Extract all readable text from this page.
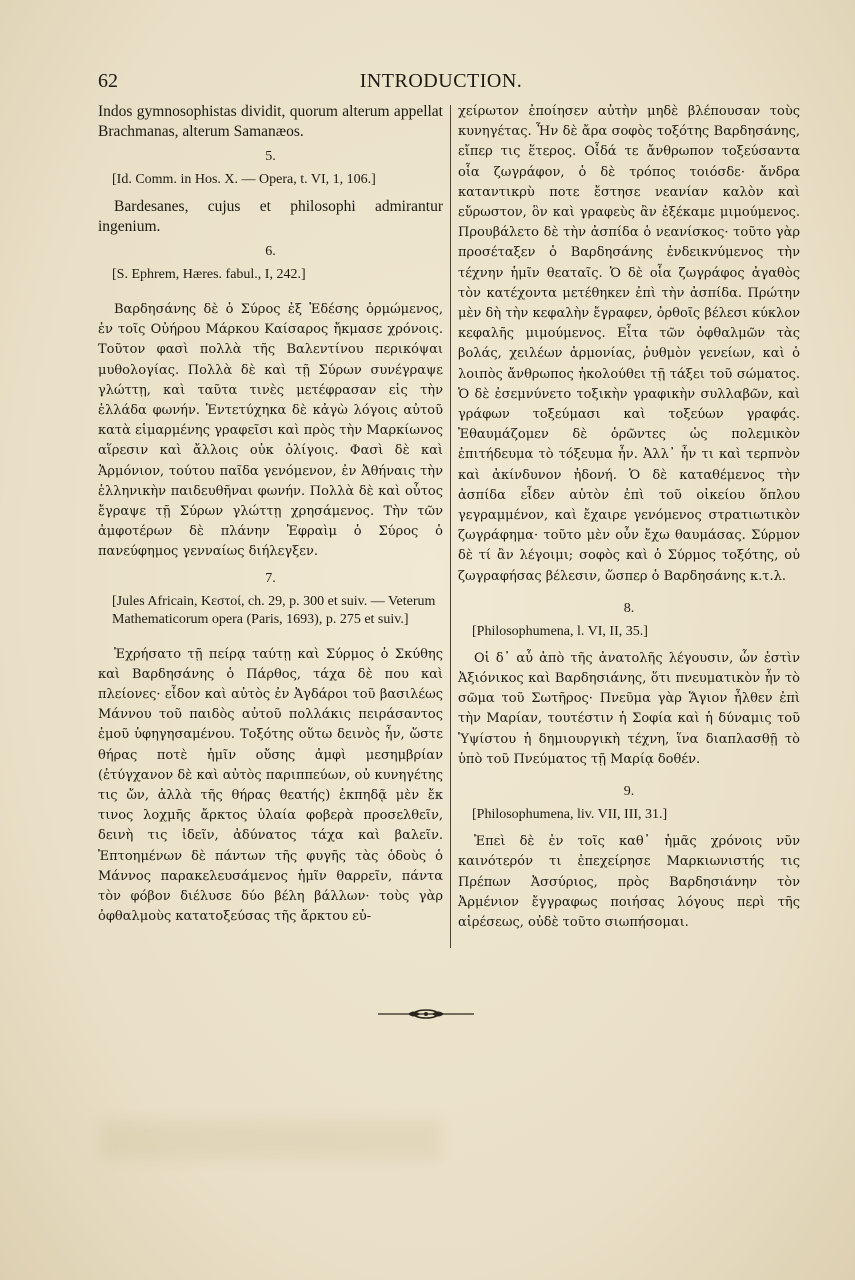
62	INTRODUCTION.

Indos gymnosophistas dividit, quorum alterum appellat Brachmanas, alterum Samanæos.

5.

[Id. Comm. in Hos. X. — Opera, t. VI, 1, 106.]

Bardesanes, cujus et philosophi admirantur ingenium.

6.

[S. Ephrem, Hæres. fabul., I, 242.]

Βαρδησάνης δὲ ὁ Σύρος ἐξ Ἐδέσης ὁρμώμενος, ἐν τοῖς Οὐήρου Μάρκου Καίσαρος ἤκμασε χρόνοις. Τοῦτον φασὶ πολλὰ τῆς Βαλεντίνου περικόψαι μυθολογίας. Πολλὰ δὲ καὶ τῇ Σύρων συνέγραψε γλώττῃ, καὶ ταῦτα τινὲς μετέφρασαν εἰς τὴν ἑλλάδα φωνήν. Ἐντετύχηκα δὲ κἀγὼ λόγοις αὐτοῦ κατὰ εἱμαρμένης γραφεῖσι καὶ πρὸς τὴν Μαρκίωνος αἵρεσιν καὶ ἄλλοις οὐκ ὀλίγοις. Φασὶ δὲ καὶ Ἁρμόνιον, τούτου παῖδα γενόμενον, ἐν Ἀθήναις τὴν ἑλληνικὴν παιδευθῆναι φωνήν. Πολλὰ δὲ καὶ οὗτος ἔγραψε τῇ Σύρων γλώττῃ χρησάμενος. Τὴν τῶν ἀμφοτέρων δὲ πλάνην Ἐφραὶμ ὁ Σύρος ὁ πανεύφημος γενναίως διήλεγξεν.

7.

[Jules Africain, Κεστοί, ch. 29, p. 300 et suiv. — Veterum Mathematicorum opera (Paris, 1693), p. 275 et suiv.]

Ἐχρήσατο τῇ πείρᾳ ταύτῃ καὶ Σύρμος ὁ Σκύθης καὶ Βαρδησάνης ὁ Πάρθος, τάχα δὲ που καὶ πλείονες· εἶδον καὶ αὐτὸς ἐν Ἀγδάροι τοῦ βασιλέως Μάννου τοῦ παιδὸς αὐτοῦ πολλάκις πειράσαντος ἐμοῦ ὑφηγησαμένου. Τοξότης οὕτω δεινὸς ἦν, ὥστε θήρας ποτὲ ἡμῖν οὔσης ἀμφὶ μεσημβρίαν (ἐτύγχανον δὲ καὶ αὐτὸς παριππεύων, οὐ κυνηγέτης τις ὤν, ἀλλὰ τῆς θήρας θεατής) ἐκπηδᾷ μὲν ἔκ τινος λοχμῆς ἄρκτος ὑλαία φοβερὰ προσελθεῖν, δεινὴ τις ἰδεῖν, ἀδύνατος τάχα καὶ βαλεῖν. Ἐπτοημένων δὲ πάντων τῆς φυγῆς τὰς ὁδοὺς ὁ Μάννος παρακελευσάμενος ἡμῖν θαρρεῖν, πάντα τὸν φόβον διέλυσε δύο βέλη βάλλων· τοὺς γὰρ ὀφθαλμοὺς κατατοξεύσας τῆς ἄρκτου εὐ-

χείρωτον ἐποίησεν αὐτὴν μηδὲ βλέπουσαν τοὺς κυνηγέτας. Ἦν δὲ ἄρα σοφὸς τοξότης Βαρδησάνης, εἴπερ τις ἕτερος. Οἶδά τε ἄνθρωπον τοξεύσαντα οἷα ζωγράφον, ὁ δὲ τρόπος τοιόσδε· ἄνδρα καταντικρὺ ποτε ἔστησε νεανίαν καλὸν καὶ εὔρωστον, ὃν καὶ γραφεὺς ἂν ἐξέκαμε μιμούμενος. Προυβάλετο δὲ τὴν ἀσπίδα ὁ νεανίσκος· τοῦτο γὰρ προσέταξεν ὁ Βαρδησάνης ἐνδεικνύμενος τὴν τέχνην ἡμῖν θεαταῖς. Ὁ δὲ οἷα ζωγράφος ἀγαθὸς τὸν κατέχοντα μετέθηκεν ἐπὶ τὴν ἀσπίδα. Πρώτην μὲν δὴ τὴν κεφαλὴν ἔγραφεν, ὀρθοῖς βέλεσι κύκλον κεφαλῆς μιμούμενος. Εἶτα τῶν ὀφθαλμῶν τὰς βολάς, χειλέων ἁρμονίας, ῥυθμὸν γενείων, καὶ ὁ λοιπὸς ἄνθρωπος ἠκολούθει τῇ τάξει τοῦ σώματος. Ὁ δὲ ἐσεμνύνετο τοξικὴν γραφικὴν συλλαβῶν, καὶ γράφων τοξεύμασι καὶ τοξεύων γραφάς. Ἐθαυμάζομεν δὲ ὁρῶντες ὡς πολεμικὸν ἐπιτήδευμα τὸ τόξευμα ἦν. Ἀλλ᾽ ἦν τι καὶ τερπνὸν καὶ ἀκίνδυνον ἡδονή. Ὁ δὲ καταθέμενος τὴν ἀσπίδα εἶδεν αὑτὸν ἐπὶ τοῦ οἰκείου ὅπλου γεγραμμένον, καὶ ἔχαιρε γενόμενος στρατιωτικὸν ζωγράφημα· τοῦτο μὲν οὖν ἔχω θαυμάσας. Σύρμον δὲ τί ἂν λέγοιμι; σοφὸς καὶ ὁ Σύρμος τοξότης, οὐ ζωγραφήσας βέλεσιν, ὥσπερ ὁ Βαρδησάνης κ.τ.λ.

8.

[Philosophumena, l. VI, II, 35.]

Οἱ δ᾽ αὖ ἀπὸ τῆς ἀνατολῆς λέγουσιν, ὧν ἐστὶν Ἀξιόνικος καὶ Βαρδησιάνης, ὅτι πνευματικὸν ἦν τὸ σῶμα τοῦ Σωτῆρος· Πνεῦμα γὰρ Ἅγιον ἦλθεν ἐπὶ τὴν Μαρίαν, τουτέστιν ἡ Σοφία καὶ ἡ δύναμις τοῦ Ὑψίστου ἡ δημιουργικὴ τέχνη, ἵνα διαπλασθῇ τὸ ὑπὸ τοῦ Πνεύματος τῇ Μαρίᾳ δοθέν.

9.

[Philosophumena, liv. VII, III, 31.]

Ἐπεὶ δὲ ἐν τοῖς καθ᾽ ἡμᾶς χρόνοις νῦν καινότερόν τι ἐπεχείρησε Μαρκιωνιστής τις Πρέπων Ἀσσύριος, πρὸς Βαρδησιάνην τὸν Ἀρμένιον ἔγγραφως ποιήσας λόγους περὶ τῆς αἱρέσεως, οὐδὲ τοῦτο σιωπήσομαι.
